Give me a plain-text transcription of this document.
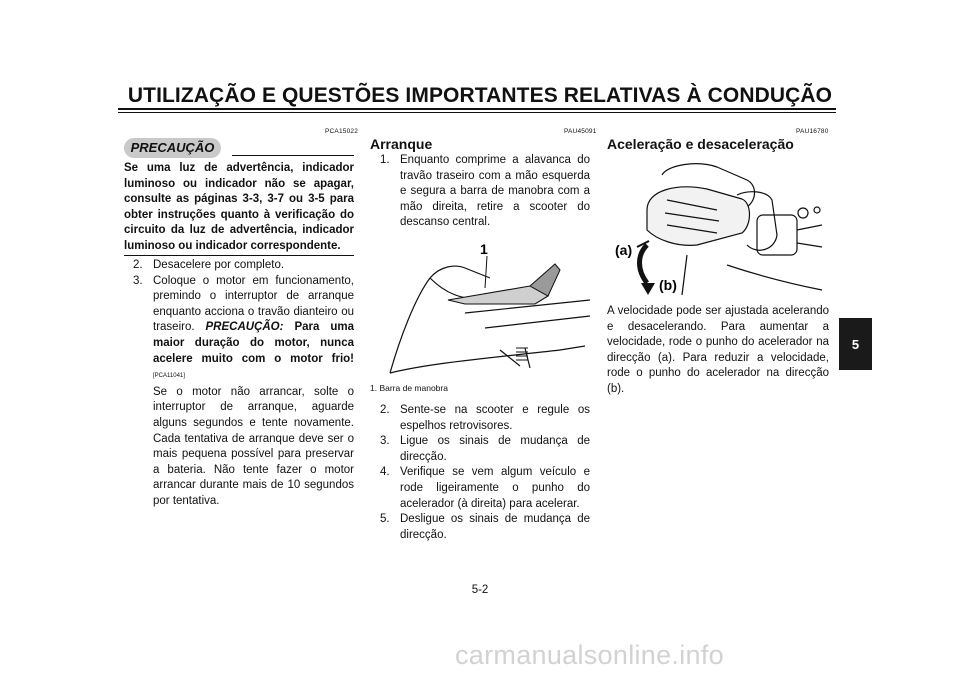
UTILIZAÇÃO E QUESTÕES IMPORTANTES RELATIVAS À CONDUÇÃO
PCA15022
PRECAUÇÃO
Se uma luz de advertência, indicador luminoso ou indicador não se apagar, consulte as páginas 3-3, 3-7 ou 3-5 para obter instruções quanto à verificação do circuito da luz de advertência, indicador luminoso ou indicador correspondente.
2. Desacelere por completo.
3. Coloque o motor em funcionamento, premindo o interruptor de arranque enquanto acciona o travão dianteiro ou traseiro. PRECAUÇÃO: Para uma maior duração do motor, nunca acelere muito com o motor frio![PCA11041]
Se o motor não arrancar, solte o interruptor de arranque, aguarde alguns segundos e tente novamente. Cada tentativa de arranque deve ser o mais pequena possível para preservar a bateria. Não tente fazer o motor arrancar durante mais de 10 segundos por tentativa.
PAU45091
Arranque
1. Enquanto comprime a alavanca do travão traseiro com a mão esquerda e segura a barra de manobra com a mão direita, retire a scooter do descanso central.
1
1. Barra de manobra
2. Sente-se na scooter e regule os espelhos retrovisores.
3. Ligue os sinais de mudança de direcção.
4. Verifique se vem algum veículo e rode ligeiramente o punho do acelerador (à direita) para acelerar.
5. Desligue os sinais de mudança de direcção.
PAU16780
Aceleração e desaceleração
(a)
(b)
A velocidade pode ser ajustada acelerando e desacelerando. Para aumentar a velocidade, rode o punho do acelerador na direcção (a). Para reduzir a velocidade, rode o punho do acelerador na direcção (b).
5
5-2
carmanualsonline.info
